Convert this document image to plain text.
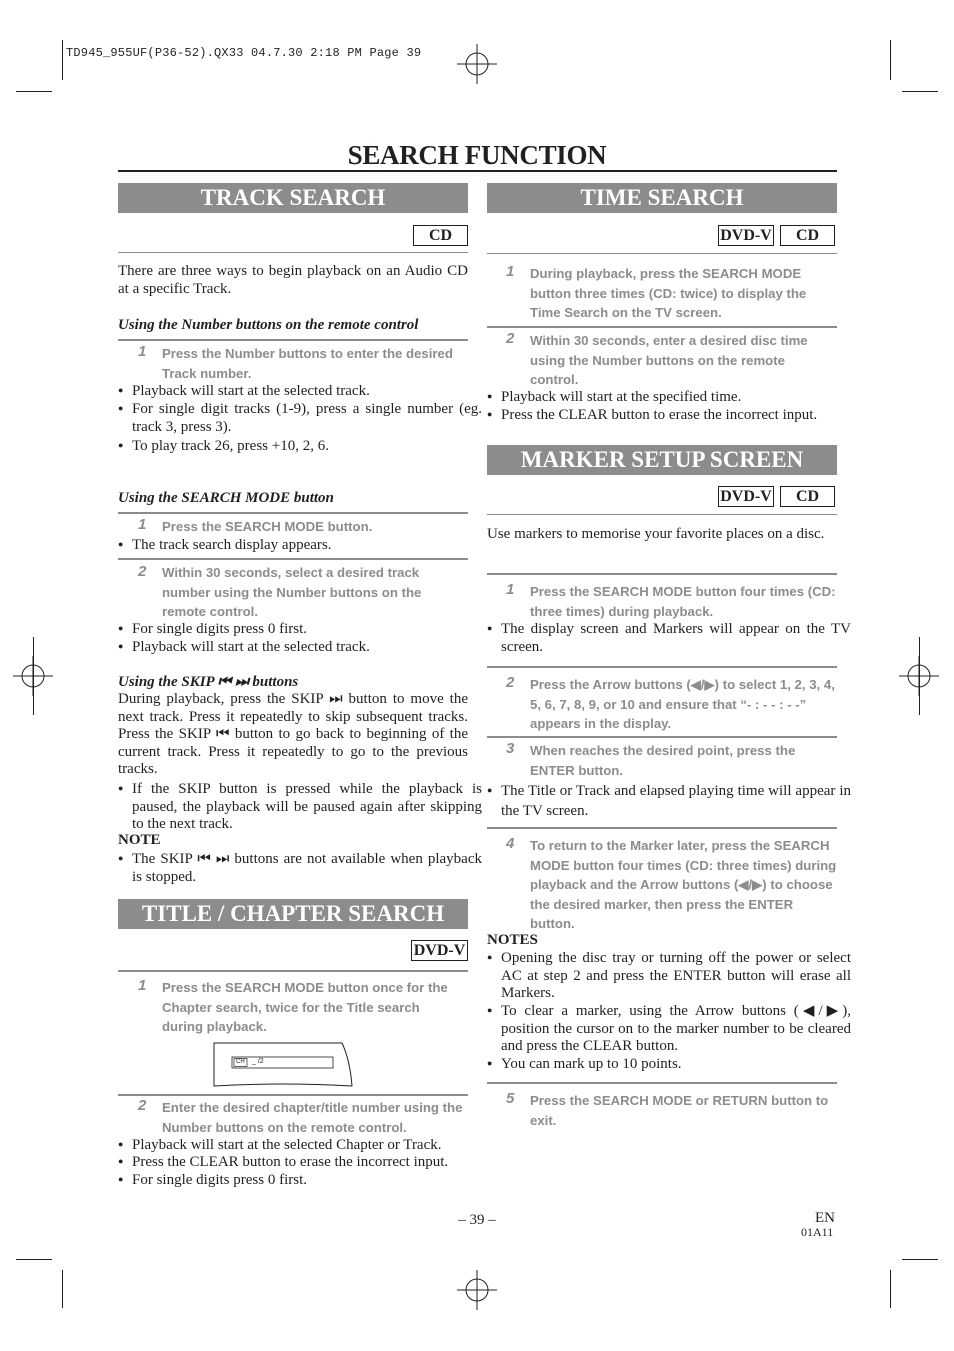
TD945_955UF(P36-52).QX33 04.7.30 2:18 PM Page 39
SEARCH FUNCTION
TRACK SEARCH
CD
There are three ways to begin playback on an Audio CD at a specific Track.
Using the Number buttons on the remote control
1 Press the Number buttons to enter the desired Track number.
● Playback will start at the selected track.
● For single digit tracks (1-9), press a single number (eg. track 3, press 3).
● To play track 26, press +10, 2, 6.
Using the SEARCH MODE button
1 Press the SEARCH MODE button.
● The track search display appears.
2 Within 30 seconds, select a desired track number using the Number buttons on the remote control.
● For single digits press 0 first.
● Playback will start at the selected track.
Using the SKIP ⏮ ⏭ buttons
During playback, press the SKIP ⏭ button to move the next track. Press it repeatedly to skip subsequent tracks. Press the SKIP ⏮ button to go back to beginning of the current track. Press it repeatedly to go to the previous tracks.
● If the SKIP button is pressed while the playback is paused, the playback will be paused again after skipping to the next track.
NOTE
● The SKIP ⏮ ⏭ buttons are not available when playback is stopped.
TITLE / CHAPTER SEARCH
DVD-V
1 Press the SEARCH MODE button once for the Chapter search, twice for the Title search during playback.
CH _ /2
2 Enter the desired chapter/title number using the Number buttons on the remote control.
● Playback will start at the selected Chapter or Track.
● Press the CLEAR button to erase the incorrect input.
● For single digits press 0 first.
TIME SEARCH
DVD-V	CD
1 During playback, press the SEARCH MODE button three times (CD: twice) to display the Time Search on the TV screen.
2 Within 30 seconds, enter a desired disc time using the Number buttons on the remote control.
● Playback will start at the specified time.
● Press the CLEAR button to erase the incorrect input.
MARKER SETUP SCREEN
DVD-V	CD
Use markers to memorise your favorite places on a disc.
1 Press the SEARCH MODE button four times (CD: three times) during playback.
● The display screen and Markers will appear on the TV screen.
2 Press the Arrow buttons (◀/▶) to select 1, 2, 3, 4, 5, 6, 7, 8, 9, or 10 and ensure that “- : - - : - -” appears in the display.
3 When reaches the desired point, press the ENTER button.
● The Title or Track and elapsed playing time will appear in the TV screen.
4 To return to the Marker later, press the SEARCH MODE button four times (CD: three times) during playback and the Arrow buttons (◀/▶) to choose the desired marker, then press the ENTER button.
NOTES
● Opening the disc tray or turning off the power or select AC at step 2 and press the ENTER button will erase all Markers.
● To clear a marker, using the Arrow buttons (◀/▶), position the cursor on to the marker number to be cleared and press the CLEAR button.
● You can mark up to 10 points.
5 Press the SEARCH MODE or RETURN button to exit.
– 39 –	EN
01A11
